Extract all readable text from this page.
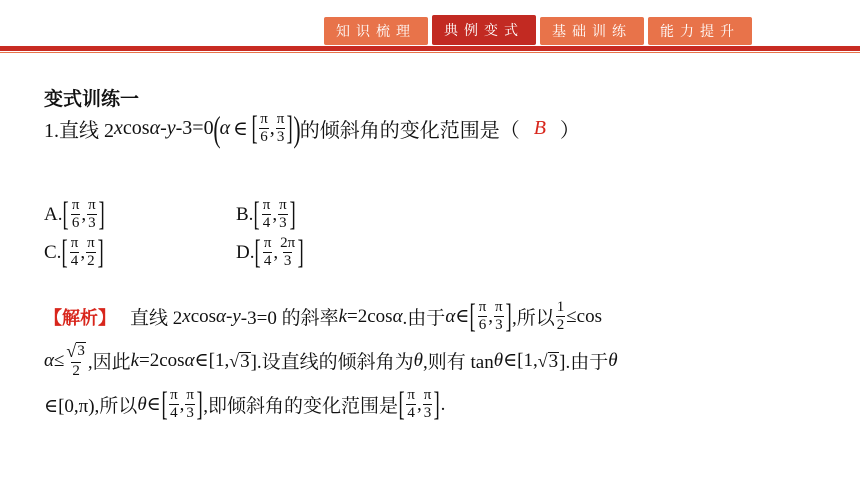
知识梳理	典例变式	基础训练	能力提升
变式训练一
1.直线 2 x cos α - y -3=0 ( α ∈ [ $\frac{\pi}{6}$ , $\frac{\pi}{3}$ ] ) 的倾斜角的变化范围是（ B ）
A. [ $\frac{\pi}{6}$ , $\frac{\pi}{3}$ ]	B. [ $\frac{\pi}{4}$ , $\frac{\pi}{3}$ ]
C. [ $\frac{\pi}{4}$ , $\frac{\pi}{2}$ ]	D. [ $\frac{\pi}{4}$ , $\frac{2\pi}{3}$ ]
【解析】 直线 2 x cos α - y -3=0 的斜率 k =2cos α .由于 α ∈ [ $\frac{\pi}{6}$ , $\frac{\pi}{3}$ ] ,所以 $\frac{1}{2} \le\cos$
$\alpha \le \frac{√ 3}{2}$ ,因此 k =2cos α ∈[1, √ 3 ].设直线的倾斜角为 θ ,则有 tan θ ∈[1, √ 3 ].由于 θ
∈[0,π),所以 θ ∈ [ $\frac{\pi}{4}$ , $\frac{\pi}{3}$ ] ,即倾斜角的变化范围是 [ $\frac{\pi}{4}$ , $\frac{\pi}{3}$ ] .
